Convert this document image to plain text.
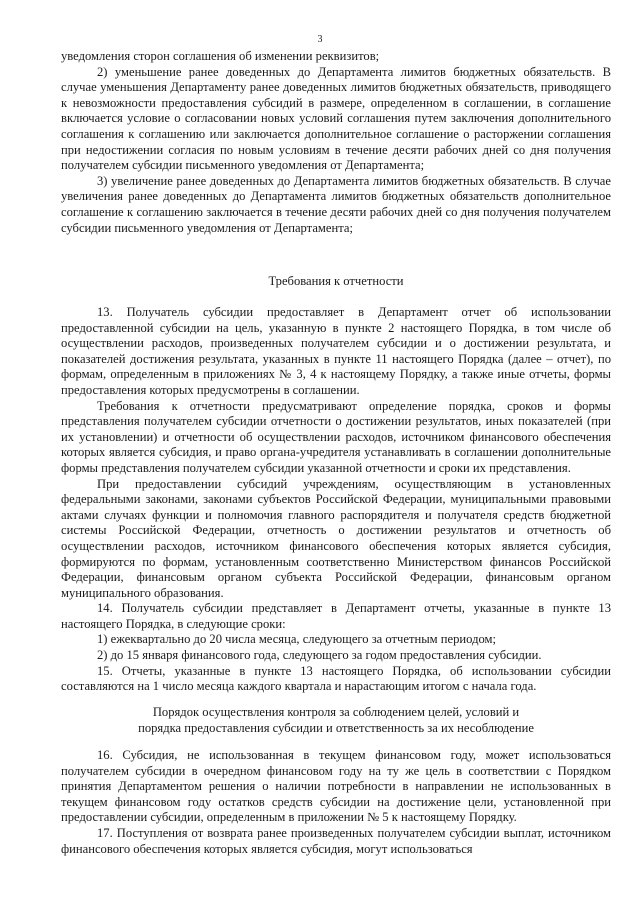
3

уведомления сторон соглашения об изменении реквизитов;

2) уменьшение ранее доведенных до Департамента лимитов бюджетных обязательств. В случае уменьшения Департаменту ранее доведенных лимитов бюджетных обязательств, приводящего к невозможности предоставления субсидий в размере, определенном в соглашении, в соглашение включается условие о согласовании новых условий соглашения путем заключения дополнительного соглашения к соглашению или заключается дополнительное соглашение о расторжении соглашения при недостижении согласия по новым условиям в течение десяти рабочих дней со дня получения получателем субсидии письменного уведомления от Департамента;

3) увеличение ранее доведенных до Департамента лимитов бюджетных обязательств. В случае увеличения ранее доведенных до Департамента лимитов бюджетных обязательств дополнительное соглашение к соглашению заключается в течение десяти рабочих дней со дня получения получателем субсидии письменного уведомления от Департамента;

Требования к отчетности

13. Получатель субсидии предоставляет в Департамент отчет об использовании предоставленной субсидии на цель, указанную в пункте 2 настоящего Порядка, в том числе об осуществлении расходов, произведенных получателем субсидии и о достижении результата, и показателей достижения результата, указанных в пункте 11 настоящего Порядка (далее – отчет), по формам, определенным в приложениях № 3, 4 к настоящему Порядку, а также иные отчеты, формы предоставления которых предусмотрены в соглашении.

Требования к отчетности предусматривают определение порядка, сроков и формы представления получателем субсидии отчетности о достижении результатов, иных показателей (при их установлении) и отчетности об осуществлении расходов, источником финансового обеспечения которых является субсидия, и право органа-учредителя устанавливать в соглашении дополнительные формы представления получателем субсидии указанной отчетности и сроки их представления.

При предоставлении субсидий учреждениям, осуществляющим в установленных федеральными законами, законами субъектов Российской Федерации, муниципальными правовыми актами случаях функции и полномочия главного распорядителя и получателя средств бюджетной системы Российской Федерации, отчетность о достижении результатов и отчетность об осуществлении расходов, источником финансового обеспечения которых является субсидия, формируются по формам, установленным соответственно Министерством финансов Российской Федерации, финансовым органом субъекта Российской Федерации, финансовым органом муниципального образования.

14. Получатель субсидии представляет в Департамент отчеты, указанные в пункте 13 настоящего Порядка, в следующие сроки:

1) ежеквартально до 20 числа месяца, следующего за отчетным периодом;

2) до 15 января финансового года, следующего за годом предоставления субсидии.

15. Отчеты, указанные в пункте 13 настоящего Порядка, об использовании субсидии составляются на 1 число месяца каждого квартала и нарастающим итогом с начала года.

Порядок осуществления контроля за соблюдением целей, условий и порядка предоставления субсидии и ответственность за их несоблюдение

16. Субсидия, не использованная в текущем финансовом году, может использоваться получателем субсидии в очередном финансовом году на ту же цель в соответствии с Порядком принятия Департаментом решения о наличии потребности в направлении не использованных в текущем финансовом году остатков средств субсидии на достижение цели, установленной при предоставлении субсидии, определенным в приложении № 5 к настоящему Порядку.

17. Поступления от возврата ранее произведенных получателем субсидии выплат, источником финансового обеспечения которых является субсидия, могут использоваться
